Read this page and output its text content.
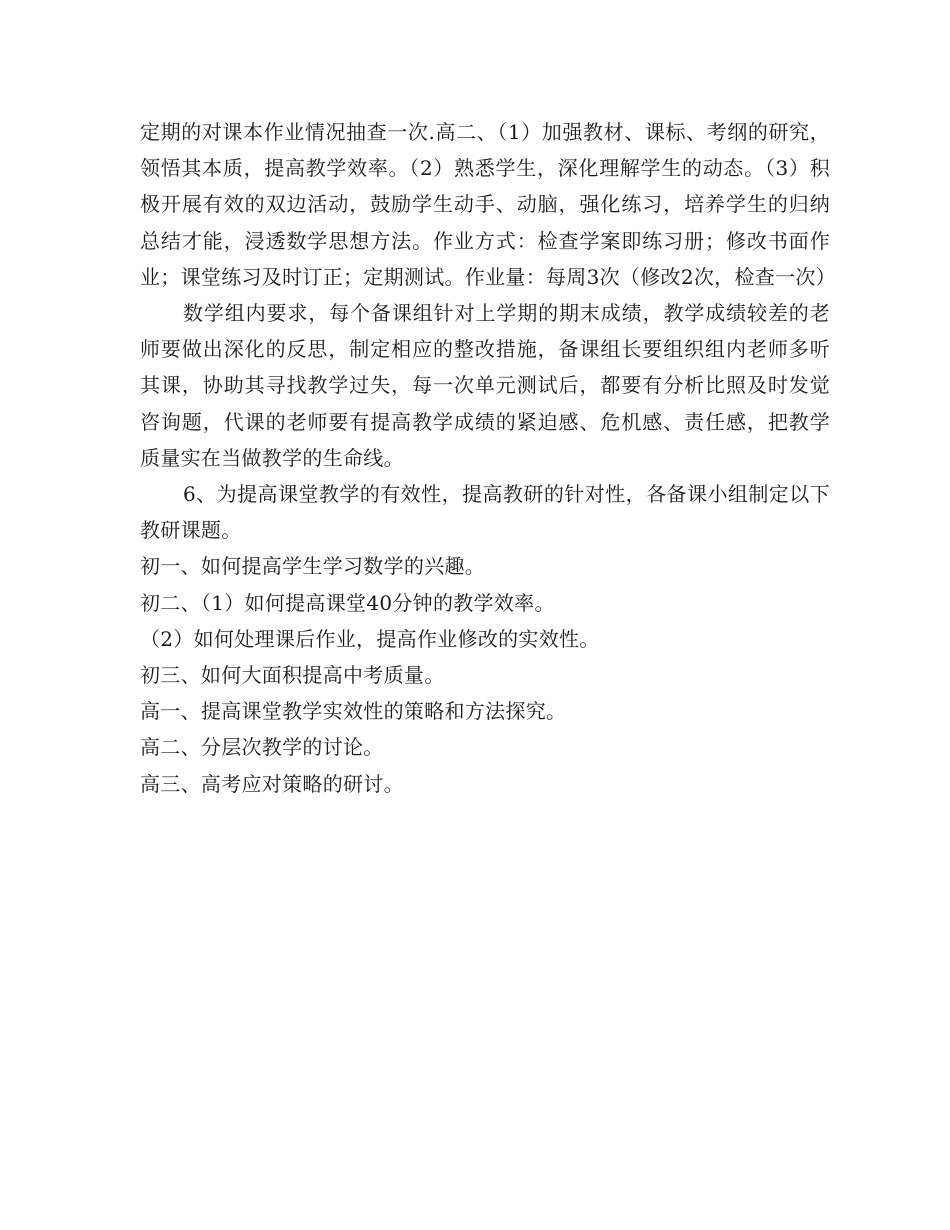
定期的对课本作业情况抽查一次.高二、（1）加强教材、课标、考纲的研究，领悟其本质，提高教学效率。（2）熟悉学生，深化理解学生的动态。（3）积极开展有效的双边活动，鼓励学生动手、动脑，强化练习，培养学生的归纳总结才能，浸透数学思想方法。作业方式：检查学案即练习册；修改书面作业；课堂练习及时订正；定期测试。作业量：每周3次（修改2次，检查一次）

数学组内要求，每个备课组针对上学期的期末成绩，教学成绩较差的老师要做出深化的反思，制定相应的整改措施，备课组长要组织组内老师多听其课，协助其寻找教学过失，每一次单元测试后，都要有分析比照及时发觉咨询题，代课的老师要有提高教学成绩的紧迫感、危机感、责任感，把教学质量实在当做教学的生命线。

6、为提高课堂教学的有效性，提高教研的针对性，各备课小组制定以下教研课题。

初一、如何提高学生学习数学的兴趣。

初二、（1）如何提高课堂40分钟的教学效率。

（2）如何处理课后作业，提高作业修改的实效性。

初三、如何大面积提高中考质量。

高一、提高课堂教学实效性的策略和方法探究。

高二、分层次教学的讨论。

高三、高考应对策略的研讨。
